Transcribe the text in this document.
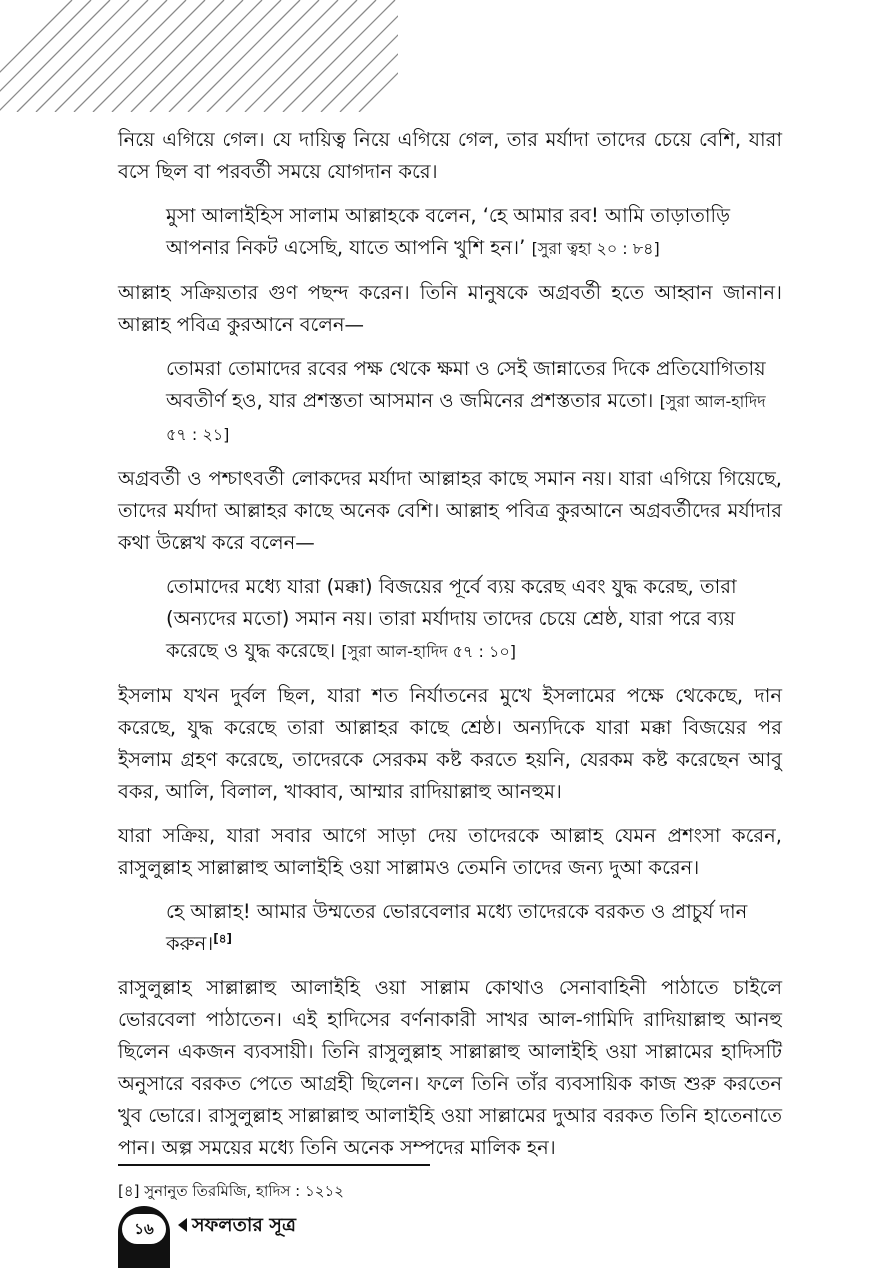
নিয়ে এগিয়ে গেল। যে দায়িত্ব নিয়ে এগিয়ে গেল, তার মর্যাদা তাদের চেয়ে বেশি, যারা বসে ছিল বা পরবর্তী সময়ে যোগদান করে।

মুসা আলাইহিস সালাম আল্লাহকে বলেন, ‘হে আমার রব! আমি তাড়াতাড়ি আপনার নিকট এসেছি, যাতে আপনি খুশি হন।’ [সুরা ত্বহা ২০ : ৮৪]

আল্লাহ সক্রিয়তার গুণ পছন্দ করেন। তিনি মানুষকে অগ্রবর্তী হতে আহ্বান জানান। আল্লাহ পবিত্র কুরআনে বলেন—

তোমরা তোমাদের রবের পক্ষ থেকে ক্ষমা ও সেই জান্নাতের দিকে প্রতিযোগিতায় অবতীর্ণ হও, যার প্রশস্ততা আসমান ও জমিনের প্রশস্ততার মতো। [সুরা আল-হাদিদ ৫৭ : ২১]

অগ্রবর্তী ও পশ্চাৎবর্তী লোকদের মর্যাদা আল্লাহর কাছে সমান নয়। যারা এগিয়ে গিয়েছে, তাদের মর্যাদা আল্লাহর কাছে অনেক বেশি। আল্লাহ পবিত্র কুরআনে অগ্রবর্তীদের মর্যাদার কথা উল্লেখ করে বলেন—

তোমাদের মধ্যে যারা (মক্কা) বিজয়ের পূর্বে ব্যয় করেছ এবং যুদ্ধ করেছ, তারা (অন্যদের মতো) সমান নয়। তারা মর্যাদায় তাদের চেয়ে শ্রেষ্ঠ, যারা পরে ব্যয় করেছে ও যুদ্ধ করেছে। [সুরা আল-হাদিদ ৫৭ : ১০]

ইসলাম যখন দুর্বল ছিল, যারা শত নির্যাতনের মুখে ইসলামের পক্ষে থেকেছে, দান করেছে, যুদ্ধ করেছে তারা আল্লাহর কাছে শ্রেষ্ঠ। অন্যদিকে যারা মক্কা বিজয়ের পর ইসলাম গ্রহণ করেছে, তাদেরকে সেরকম কষ্ট করতে হয়নি, যেরকম কষ্ট করেছেন আবু বকর, আলি, বিলাল, খাব্বাব, আম্মার রাদিয়াল্লাহু আনহুম।

যারা সক্রিয়, যারা সবার আগে সাড়া দেয় তাদেরকে আল্লাহ যেমন প্রশংসা করেন, রাসুলুল্লাহ সাল্লাল্লাহু আলাইহি ওয়া সাল্লামও তেমনি তাদের জন্য দুআ করেন।

হে আল্লাহ! আমার উম্মতের ভোরবেলার মধ্যে তাদেরকে বরকত ও প্রাচুর্য দান করুন।[৪]

রাসুলুল্লাহ সাল্লাল্লাহু আলাইহি ওয়া সাল্লাম কোথাও সেনাবাহিনী পাঠাতে চাইলে ভোরবেলা পাঠাতেন। এই হাদিসের বর্ণনাকারী সাখর আল-গামিদি রাদিয়াল্লাহু আনহু ছিলেন একজন ব্যবসায়ী। তিনি রাসুলুল্লাহ সাল্লাল্লাহু আলাইহি ওয়া সাল্লামের হাদিসটি অনুসারে বরকত পেতে আগ্রহী ছিলেন। ফলে তিনি তাঁর ব্যবসায়িক কাজ শুরু করতেন খুব ভোরে। রাসুলুল্লাহ সাল্লাল্লাহু আলাইহি ওয়া সাল্লামের দুআর বরকত তিনি হাতেনাতে পান। অল্প সময়ের মধ্যে তিনি অনেক সম্পদের মালিক হন।

[৪] সুনানুত তিরমিজি, হাদিস : ১২১২
১৬	সফলতার সূত্র
